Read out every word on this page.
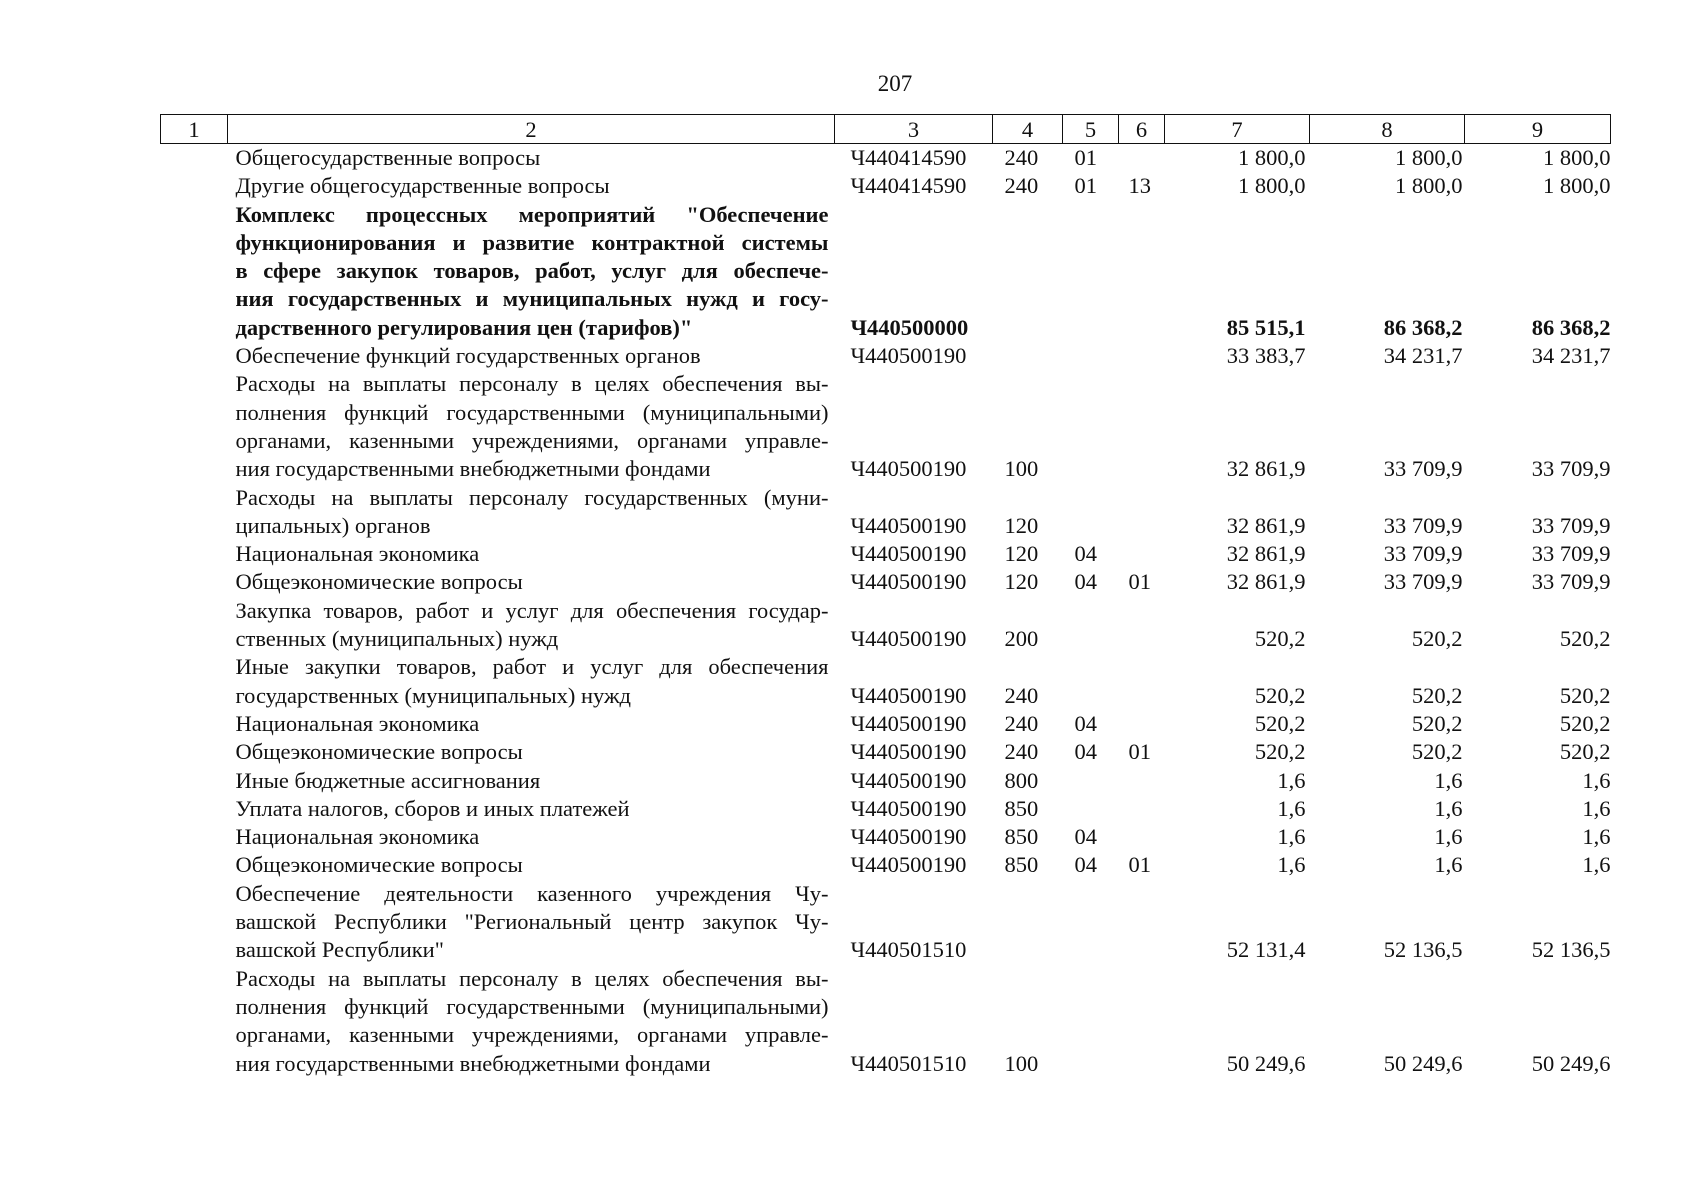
207
1	2	3	4	5	6	7	8	9

	Общегосударственные вопросы	Ч440414590	240	01		1 800,0	1 800,0	1 800,0

	Другие общегосударственные вопросы	Ч440414590	240	01	13	1 800,0	1 800,0	1 800,0

	Комплекс процессных мероприятий "Обеспечение
функционирования и развитие контрактной системы
в сфере закупок товаров, работ, услуг для обеспече-
ния государственных и муниципальных нужд и госу-
дарственного регулирования цен (тарифов)"	Ч440500000				85 515,1	86 368,2	86 368,2

	Обеспечение функций государственных органов	Ч440500190				33 383,7	34 231,7	34 231,7

	Расходы на выплаты персоналу в целях обеспечения вы-
полнения функций государственными (муниципальными)
органами, казенными учреждениями, органами управле-
ния государственными внебюджетными фондами	Ч440500190	100			32 861,9	33 709,9	33 709,9

	Расходы на выплаты персоналу государственных (муни-
ципальных) органов	Ч440500190	120			32 861,9	33 709,9	33 709,9

	Национальная экономика	Ч440500190	120	04		32 861,9	33 709,9	33 709,9

	Общеэкономические вопросы	Ч440500190	120	04	01	32 861,9	33 709,9	33 709,9

	Закупка товаров, работ и услуг для обеспечения государ-
ственных (муниципальных) нужд	Ч440500190	200			520,2	520,2	520,2

	Иные закупки товаров, работ и услуг для обеспечения
государственных (муниципальных) нужд	Ч440500190	240			520,2	520,2	520,2

	Национальная экономика	Ч440500190	240	04		520,2	520,2	520,2

	Общеэкономические вопросы	Ч440500190	240	04	01	520,2	520,2	520,2

	Иные бюджетные ассигнования	Ч440500190	800			1,6	1,6	1,6

	Уплата налогов, сборов и иных платежей	Ч440500190	850			1,6	1,6	1,6

	Национальная экономика	Ч440500190	850	04		1,6	1,6	1,6

	Общеэкономические вопросы	Ч440500190	850	04	01	1,6	1,6	1,6

	Обеспечение деятельности казенного учреждения Чу-
вашской Республики "Региональный центр закупок Чу-
вашской Республики"	Ч440501510				52 131,4	52 136,5	52 136,5

	Расходы на выплаты персоналу в целях обеспечения вы-
полнения функций государственными (муниципальными)
органами, казенными учреждениями, органами управле-
ния государственными внебюджетными фондами	Ч440501510	100			50 249,6	50 249,6	50 249,6
